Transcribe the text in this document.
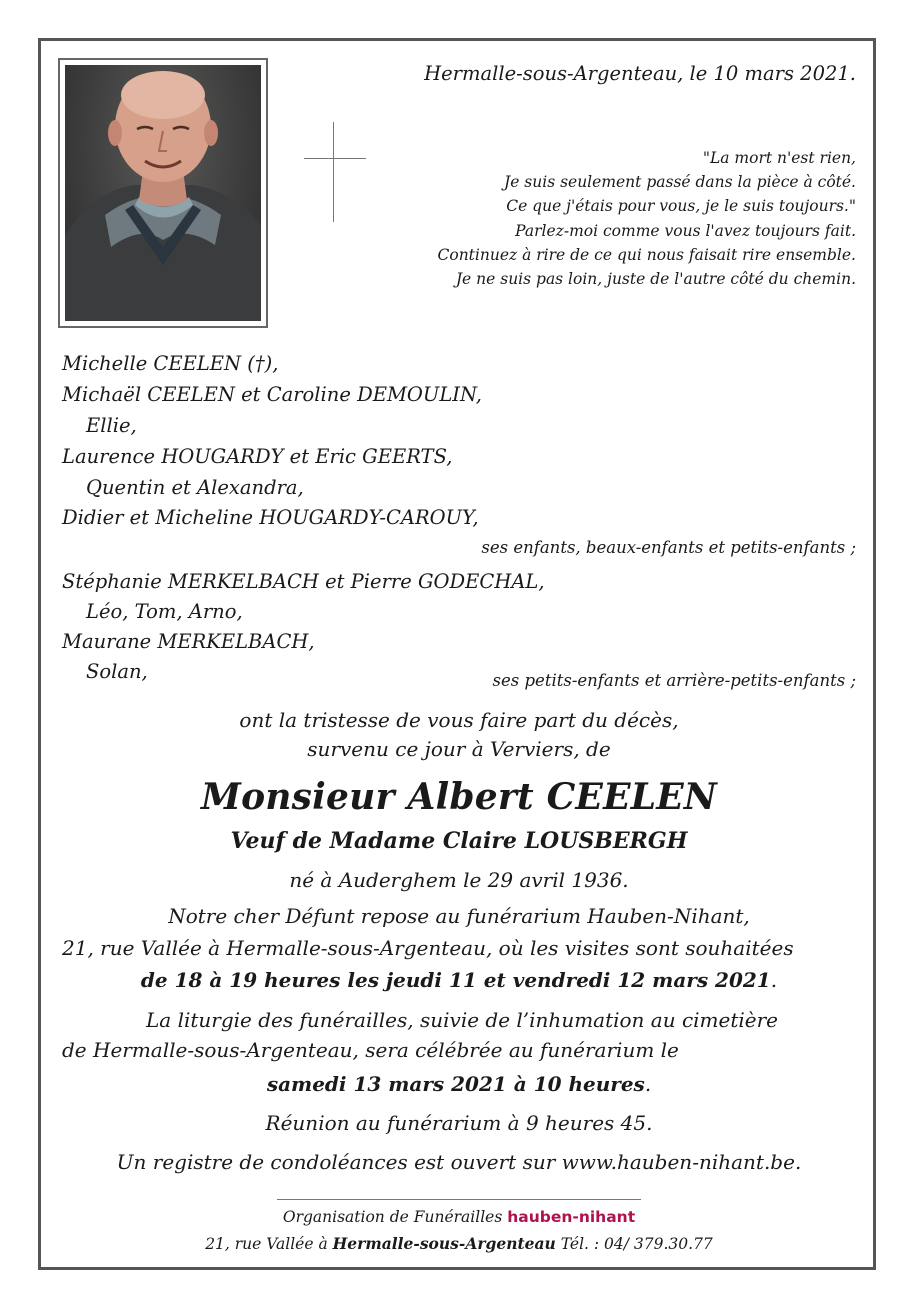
Hermalle-sous-Argenteau, le 10 mars 2021.
"La mort n'est rien,
Je suis seulement passé dans la pièce à côté.
Ce que j'étais pour vous, je le suis toujours."
Parlez-moi comme vous l'avez toujours fait.
Continuez à rire de ce qui nous faisait rire ensemble.
Je ne suis pas loin, juste de l'autre côté du chemin.
Michelle CEELEN (†),
Michaël CEELEN et Caroline DEMOULIN,
Ellie,
Laurence HOUGARDY et Eric GEERTS,
Quentin et Alexandra,
Didier et Micheline HOUGARDY-CAROUY,
ses enfants, beaux-enfants et petits-enfants ;
Stéphanie MERKELBACH et Pierre GODECHAL,
Léo, Tom, Arno,
Maurane MERKELBACH,
Solan,	ses petits-enfants et arrière-petits-enfants ;
ont la tristesse de vous faire part du décès,
survenu ce jour à Verviers, de
Monsieur Albert CEELEN
Veuf de Madame Claire LOUSBERGH
né à Auderghem le 29 avril 1936.
Notre cher Défunt repose au funérarium Hauben-Nihant,
21, rue Vallée à Hermalle-sous-Argenteau, où les visites sont souhaitées
de 18 à 19 heures les jeudi 11 et vendredi 12 mars 2021.
La liturgie des funérailles, suivie de l’inhumation au cimetière
de Hermalle-sous-Argenteau, sera célébrée au funérarium le
samedi 13 mars 2021 à 10 heures.
Réunion au funérarium à 9 heures 45.
Un registre de condoléances est ouvert sur www.hauben-nihant.be.
Organisation de Funérailles hauben-nihant
21, rue Vallée à Hermalle-sous-Argenteau Tél. : 04/ 379.30.77
